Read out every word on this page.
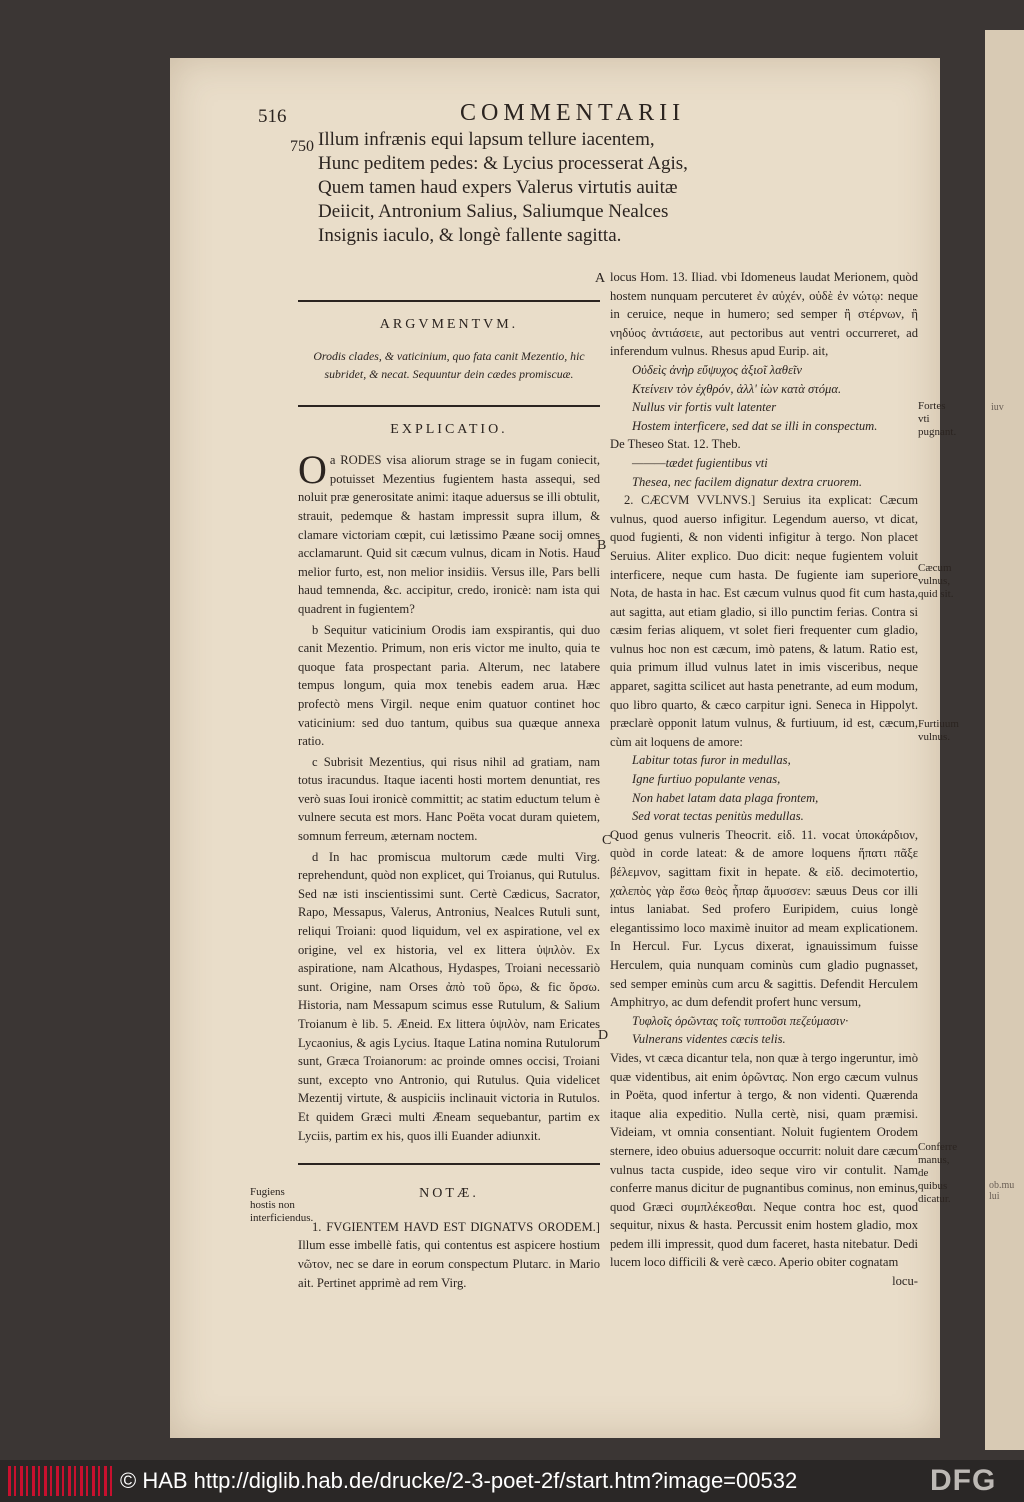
iuv
ob.mu
lui
516	COMMENTARII
750 Illum infrænis equi lapsum tellure iacentem,
Hunc peditem pedes: & Lycius processerat Agis,
Quem tamen haud expers Valerus virtutis auitæ
Deiicit, Antronium Salius, Saliumque Nealces
Insignis iaculo, & longè fallente sagitta.
A
B
C
D
ARGVMENTVM.
Orodis clades, & vaticinium, quo fata canit Mezentio, hic subridet, & necat. Sequuntur dein cædes promiscuæ.
EXPLICATIO.

a
O RODES visa aliorum strage se in fugam coniecit, potuisset Mezentius fugientem hasta assequi, sed noluit præ generositate animi: itaque aduersus se illi obtulit, strauit, pedemque & hastam impressit supra illum, & clamare victoriam cœpit, cui lætissimo Pæane socij omnes acclamarunt. Quid sit cæcum vulnus, dicam in Notis. Haud melior furto, est, non melior insidiis. Versus ille, Pars belli haud temnenda, &c. accipitur, credo, ironicè: nam ista qui quadrent in fugientem?

b Sequitur vaticinium Orodis iam exspirantis, qui duo canit Mezentio. Primum, non eris victor me inulto, quia te quoque fata prospectant paria. Alterum, nec latabere tempus longum, quia mox tenebis eadem arua. Hæc profectò mens Virgil. neque enim quatuor continet hoc vaticinium: sed duo tantum, quibus sua quæque annexa ratio.

c Subrisit Mezentius, qui risus nihil ad gratiam, nam totus iracundus. Itaque iacenti hosti mortem denuntiat, res verò suas Ioui ironicè committit; ac statim eductum telum è vulnere secuta est mors. Hanc Poëta vocat duram quietem, somnum ferreum, æternam noctem.

d In hac promiscua multorum cæde multi Virg. reprehendunt, quòd non explicet, qui Troianus, qui Rutulus. Sed næ isti inscientissimi sunt. Certè Cædicus, Sacrator, Rapo, Messapus, Valerus, Antronius, Nealces Rutuli sunt, reliqui Troiani: quod liquidum, vel ex aspiratione, vel ex origine, vel ex historia, vel ex littera ὑψιλὸν. Ex aspiratione, nam Alcathous, Hydaspes, Troiani necessariò sunt. Origine, nam Orses ἀπὸ τοῦ ὄρω, & fic ὄρσω. Historia, nam Messapum scimus esse Rutulum, & Salium Troianum è lib. 5. Æneid. Ex littera ὑψιλὸν, nam Ericates Lycaonius, & agis Lycius. Itaque Latina nomina Rutulorum sunt, Græca Troianorum: ac proinde omnes occisi, Troiani sunt, excepto vno Antronio, qui Rutulus. Quia videlicet Mezentij virtute, & auspiciis inclinauit victoria in Rutulos. Et quidem Græci multi Æneam sequebantur, partim ex Lyciis, partim ex his, quos illi Euander adiunxit.

NOTÆ.

1. FVGIENTEM HAVD EST DIGNATVS ORODEM.] Illum esse imbellè fatis, qui contentus est aspicere hostium νῶτον, nec se dare in eorum conspectum Plutarc. in Mario ait. Pertinet apprimè ad rem Virg.

Fugiens hostis non interficiendus.

locus Hom. 13. Iliad. vbi Idomeneus laudat Merionem, quòd hostem nunquam percuteret ἐν αὐχέν, οὐδὲ ἐν νώτῳ: neque in ceruice, neque in humero; sed semper ἢ στέρνων, ἢ νηδύος ἀντιάσειε, aut pectoribus aut ventri occurreret, ad inferendum vulnus. Rhesus apud Eurip. ait,

Οὐδεὶς ἀνὴρ εὔψυχος ἀξιοῖ λαθεῖν
Κτείνειν τὸν ἐχθρόν, ἀλλ' ἰὼν κατὰ στόμα.
Nullus vir fortis vult latenter
Hostem interficere, sed dat se illi in conspectum.

De Theseo Stat. 12. Theb.

———tædet fugientibus vti
Thesea, nec facilem dignatur dextra cruorem.

2. CÆCVM VVLNVS.] Seruius ita explicat: Cæcum vulnus, quod auerso infigitur. Legendum auerso, vt dicat, quod fugienti, & non videnti infigitur à tergo. Non placet Seruius. Aliter explico. Duo dicit: neque fugientem voluit interficere, neque cum hasta. De fugiente iam superiore Nota, de hasta in hac. Est cæcum vulnus quod fit cum hasta, aut sagitta, aut etiam gladio, si illo punctim ferias. Contra si cæsim ferias aliquem, vt solet fieri frequenter cum gladio, vulnus hoc non est cæcum, imò patens, & latum. Ratio est, quia primum illud vulnus latet in imis visceribus, neque apparet, sagitta scilicet aut hasta penetrante, ad eum modum, quo libro quarto, & cæco carpitur igni. Seneca in Hippolyt. præclarè opponit latum vulnus, & furtiuum, id est, cæcum, cùm ait loquens de amore:

Labitur totas furor in medullas,
Igne furtiuo populante venas,
Non habet latam data plaga frontem,
Sed vorat tectas penitùs medullas.

Quod genus vulneris Theocrit. εἰδ. 11. vocat ὑποκάρδιον, quòd in corde lateat: & de amore loquens ἥπατι πᾶξε βέλεμνον, sagittam fixit in hepate. & εἰδ. decimotertio, χαλεπὸς γὰρ ἔσω θεὸς ἧπαρ ἄμυσσεν: sæuus Deus cor illi intus laniabat. Sed profero Euripidem, cuius longè elegantissimo loco maximè inuitor ad meam explicationem. In Hercul. Fur. Lycus dixerat, ignauissimum fuisse Herculem, quia nunquam cominùs cum gladio pugnasset, sed semper eminùs cum arcu & sagittis. Defendit Herculem Amphitryo, ac dum defendit profert hunc versum,

Τυφλοῖς ὁρῶντας τοῖς τυπτοῦσι πεζεύμασιν·
Vulnerans videntes cæcis telis.

Vides, vt cæca dicantur tela, non quæ à tergo ingeruntur, imò quæ videntibus, ait enim ὁρῶντας. Non ergo cæcum vulnus in Poëta, quod infertur à tergo, & non videnti. Quærenda itaque alia expeditio. Nulla certè, nisi, quam præmisi. Videiam, vt omnia consentiant. Noluit fugientem Orodem sternere, ideo obuius aduersoque occurrit: noluit dare cæcum vulnus tacta cuspide, ideo seque viro vir contulit. Nam conferre manus dicitur de pugnantibus cominus, non eminus, quod Græci συμπλέκεσθαι. Neque contra hoc est, quod sequitur, nixus & hasta. Percussit enim hostem gladio, mox pedem illi impressit, quod dum faceret, hasta nitebatur. Dedi lucem loco difficili & verè cæco. Aperio obiter cognatam

locu-
Fortes vti pugnant.
Cæcum vulnus, quid sit.
Furtiuum vulnus.
Conferre manus, de quibus dicatur.
© HAB http://diglib.hab.de/drucke/2-3-poet-2f/start.htm?image=00532	DFG
